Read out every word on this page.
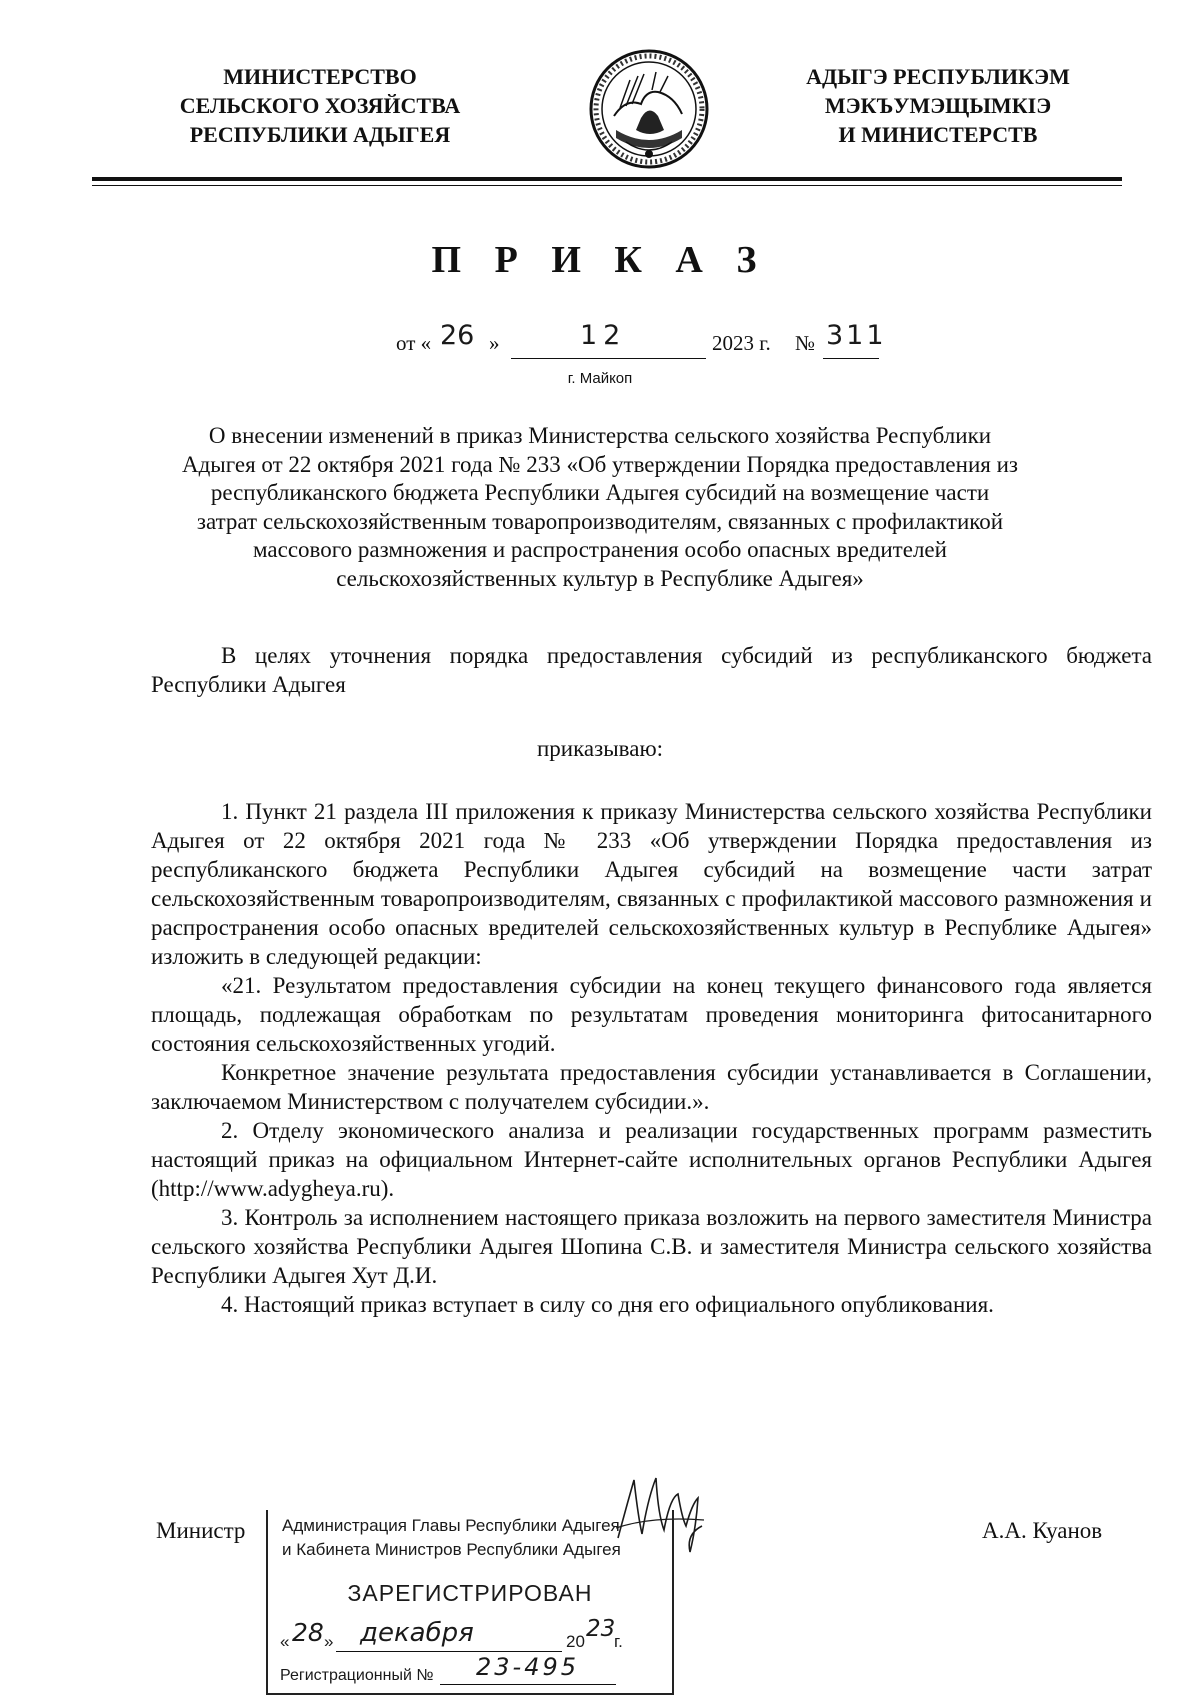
МИНИСТЕРСТВО
СЕЛЬСКОГО ХОЗЯЙСТВА
РЕСПУБЛИКИ АДЫГЕЯ
АДЫГЭ РЕСПУБЛИКЭМ
МЭКЪУМЭЩЫМКIЭ
И МИНИСТЕРСТВ
П Р И К А З
от « 26 »	12	2023 г. № 311
г. Майкоп
О внесении изменений в приказ Министерства сельского хозяйства Республики
Адыгея от 22 октября 2021 года № 233 «Об утверждении Порядка предоставления из
республиканского бюджета Республики Адыгея субсидий на возмещение части
затрат сельскохозяйственным товаропроизводителям, связанных с профилактикой
массового размножения и распространения особо опасных вредителей
сельскохозяйственных культур в Республике Адыгея»

В целях уточнения порядка предоставления субсидий из республиканского бюджета Республики Адыгея

приказываю:

1. Пункт 21 раздела III приложения к приказу Министерства сельского хозяйства Республики Адыгея от 22 октября 2021 года № 233 «Об утверждении Порядка предоставления из республиканского бюджета Республики Адыгея субсидий на возмещение части затрат сельскохозяйственным товаропроизводителям, связанных с профилактикой массового размножения и распространения особо опасных вредителей сельскохозяйственных культур в Республике Адыгея» изложить в следующей редакции:

«21. Результатом предоставления субсидии на конец текущего финансового года является площадь, подлежащая обработкам по результатам проведения мониторинга фитосанитарного состояния сельскохозяйственных угодий.

Конкретное значение результата предоставления субсидии устанавливается в Соглашении, заключаемом Министерством с получателем субсидии.».

2. Отделу экономического анализа и реализации государственных программ разместить настоящий приказ на официальном Интернет-сайте исполнительных органов Республики Адыгея (http://www.adygheya.ru).

3. Контроль за исполнением настоящего приказа возложить на первого заместителя Министра сельского хозяйства Республики Адыгея Шопина С.В. и заместителя Министра сельского хозяйства Республики Адыгея Хут Д.И.

4. Настоящий приказ вступает в силу со дня его официального опубликования.

Министр	А.А. Куанов
Администрация Главы Республики Адыгея
и Кабинета Министров Республики Адыгея
ЗАРЕГИСТРИРОВАН
« 28 » декабря	20 23
г.
Регистрационный № 23-495
